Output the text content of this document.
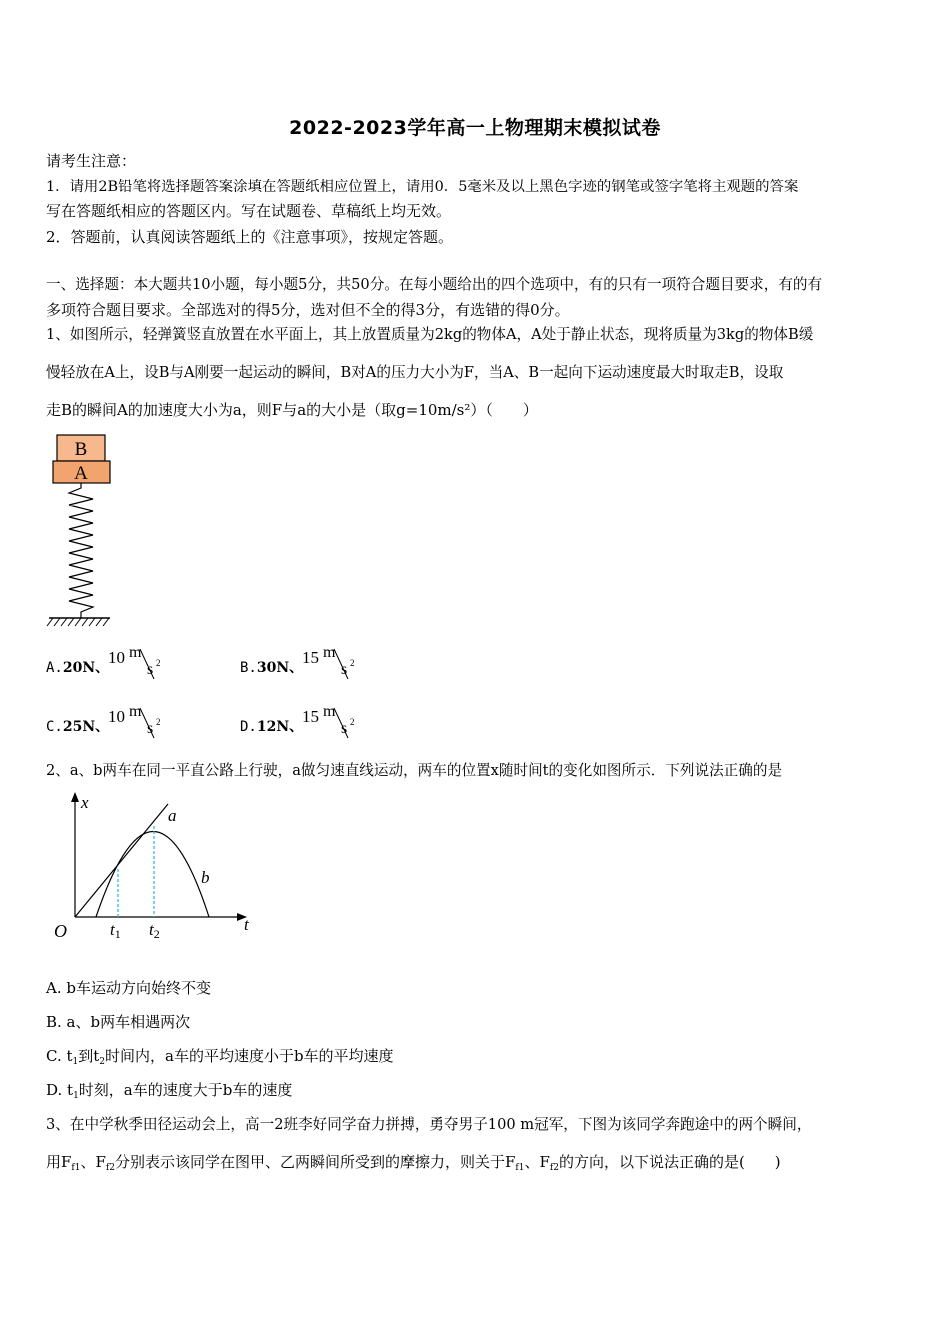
2022-2023学年高一上物理期末模拟试卷
请考生注意：
1．请用2B铅笔将选择题答案涂填在答题纸相应位置上，请用0．5毫米及以上黑色字迹的钢笔或签字笔将主观题的答案
写在答题纸相应的答题区内。写在试题卷、草稿纸上均无效。
2．答题前，认真阅读答题纸上的《注意事项》，按规定答题。
一、选择题：本大题共10小题，每小题5分，共50分。在每小题给出的四个选项中，有的只有一项符合题目要求，有的有
多项符合题目要求。全部选对的得5分，选对但不全的得3分，有选错的得0分。
1、如图所示，轻弹簧竖直放置在水平面上，其上放置质量为2kg的物体A，A处于静止状态，现将质量为3kg的物体B缓
慢轻放在A上，设B与A刚要一起运动的瞬间，B对A的压力大小为F，当A、B一起向下运动速度最大时取走B，设取
走B的瞬间A的加速度大小为a，则F与a的大小是（取g=10m/s²）（　　）
B
A
A.20N、
10 m
s 2	B.30N、
15 m
s 2
C.25N、
10 m
s 2	D.12N、
15 m
s 2
2、a、b两车在同一平直公路上行驶，a做匀速直线运动，两车的位置x随时间t的变化如图所示．下列说法正确的是
x
t
O	t1 t2
a
b
A. b车运动方向始终不变
B. a、b两车相遇两次
C. $t_1$到$t_2$时间内，a车的平均速度小于b车的平均速度
D. $t_1$时刻，a车的速度大于b车的速度
3、在中学秋季田径运动会上，高一2班李好同学奋力拼搏，勇夺男子100 m冠军，下图为该同学奔跑途中的两个瞬间，
用$F_{f1}$、$F_{f2}$分别表示该同学在图甲、乙两瞬间所受到的摩擦力，则关于$F_{f1}$、$F_{f2}$的方向，以下说法正确的是(　　)
